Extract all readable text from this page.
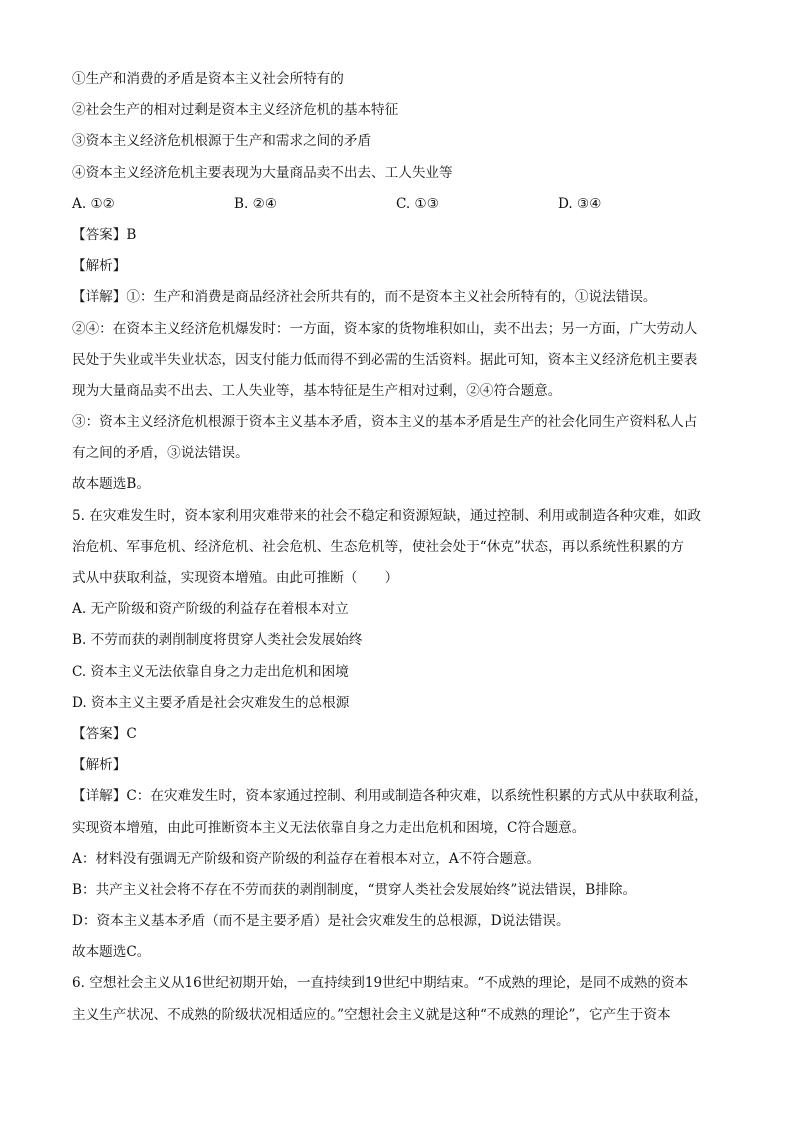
①生产和消费的矛盾是资本主义社会所特有的
②社会生产的相对过剩是资本主义经济危机的基本特征
③资本主义经济危机根源于生产和需求之间的矛盾
④资本主义经济危机主要表现为大量商品卖不出去、工人失业等
A. ①②	B. ②④	C. ①③	D. ③④
【答案】B
【解析】
【详解】①：生产和消费是商品经济社会所共有的，而不是资本主义社会所特有的，①说法错误。
②④：在资本主义经济危机爆发时：一方面，资本家的货物堆积如山，卖不出去；另一方面，广大劳动人
民处于失业或半失业状态，因支付能力低而得不到必需的生活资料。据此可知，资本主义经济危机主要表
现为大量商品卖不出去、工人失业等，基本特征是生产相对过剩，②④符合题意。
③：资本主义经济危机根源于资本主义基本矛盾，资本主义的基本矛盾是生产的社会化同生产资料私人占
有之间的矛盾，③说法错误。
故本题选B。
5. 在灾难发生时，资本家利用灾难带来的社会不稳定和资源短缺，通过控制、利用或制造各种灾难，如政
治危机、军事危机、经济危机、社会危机、生态危机等，使社会处于“休克”状态，再以系统性积累的方
式从中获取利益，实现资本增殖。由此可推断（　　）
A. 无产阶级和资产阶级的利益存在着根本对立
B. 不劳而获的剥削制度将贯穿人类社会发展始终
C. 资本主义无法依靠自身之力走出危机和困境
D. 资本主义主要矛盾是社会灾难发生的总根源
【答案】C
【解析】
【详解】C：在灾难发生时，资本家通过控制、利用或制造各种灾难，以系统性积累的方式从中获取利益，
实现资本增殖，由此可推断资本主义无法依靠自身之力走出危机和困境，C符合题意。
A：材料没有强调无产阶级和资产阶级的利益存在着根本对立，A不符合题意。
B：共产主义社会将不存在不劳而获的剥削制度，“贯穿人类社会发展始终”说法错误，B排除。
D：资本主义基本矛盾（而不是主要矛盾）是社会灾难发生的总根源，D说法错误。
故本题选C。
6. 空想社会主义从16世纪初期开始，一直持续到19世纪中期结束。“不成熟的理论，是同不成熟的资本
主义生产状况、不成熟的阶级状况相适应的。”空想社会主义就是这种“不成熟的理论”，它产生于资本
